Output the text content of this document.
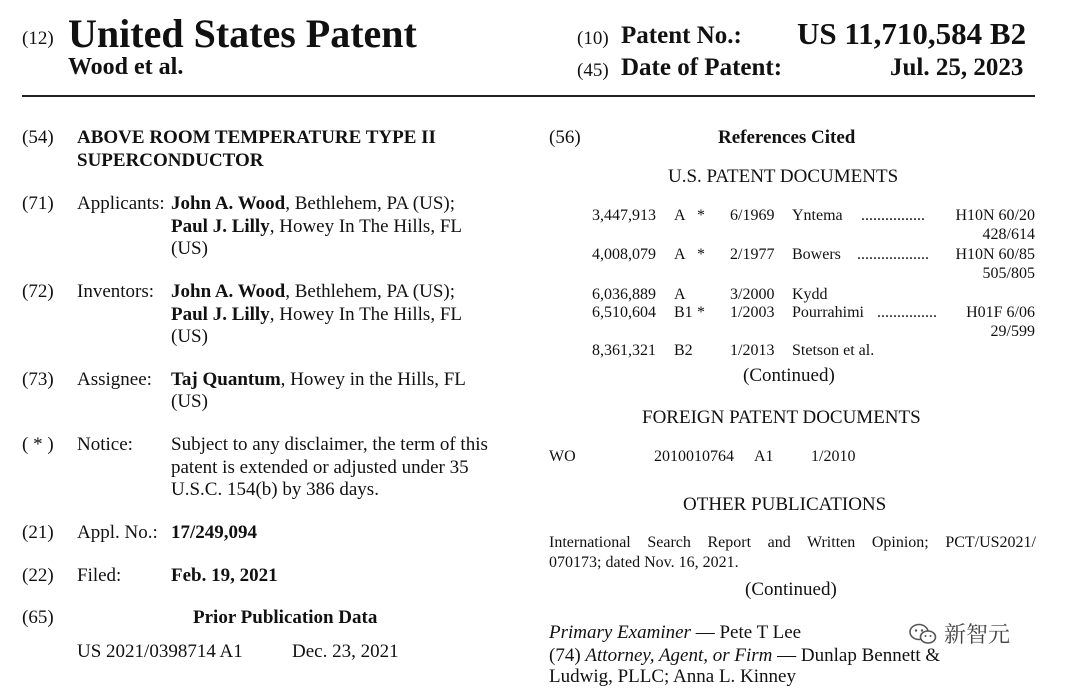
(12) United States Patent
Wood et al.
(10) Patent No.: US 11,710,584 B2
(45) Date of Patent:	Jul. 25, 2023
(54) ABOVE ROOM TEMPERATURE TYPE II
SUPERCONDUCTOR
(71) Applicants: John A. Wood, Bethlehem, PA (US);
Paul J. Lilly, Howey In The Hills, FL
(US)
(72) Inventors: John A. Wood, Bethlehem, PA (US);
Paul J. Lilly, Howey In The Hills, FL
(US)
(73) Assignee: Taj Quantum, Howey in the Hills, FL
(US)
( * ) Notice: Subject to any disclaimer, the term of this
patent is extended or adjusted under 35
U.S.C. 154(b) by 386 days.
(21) Appl. No.: 17/249,094
(22) Filed:	Feb. 19, 2021
(65)	Prior Publication Data
US 2021/0398714 A1	Dec. 23, 2021
(56)	References Cited
U.S. PATENT DOCUMENTS
3,447,913 A * 6/1969 Yntema ................ H10N 60/20
428/614
4,008,079 A * 2/1977 Bowers .................. H10N 60/85
505/805
6,036,889 A	3/2000 Kydd
6,510,604 B1 * 1/2003 Pourrahimi ............... H01F 6/06
29/599
8,361,321 B2 1/2013 Stetson et al.
(Continued)
FOREIGN PATENT DOCUMENTS
WO	2010010764 A1 1/2010
OTHER PUBLICATIONS
International Search Report and Written Opinion; PCT/US2021/
070173; dated Nov. 16, 2021.
(Continued)
Primary Examiner — Pete T Lee
(74) Attorney, Agent, or Firm — Dunlap Bennett &
Ludwig, PLLC; Anna L. Kinney
新智元
